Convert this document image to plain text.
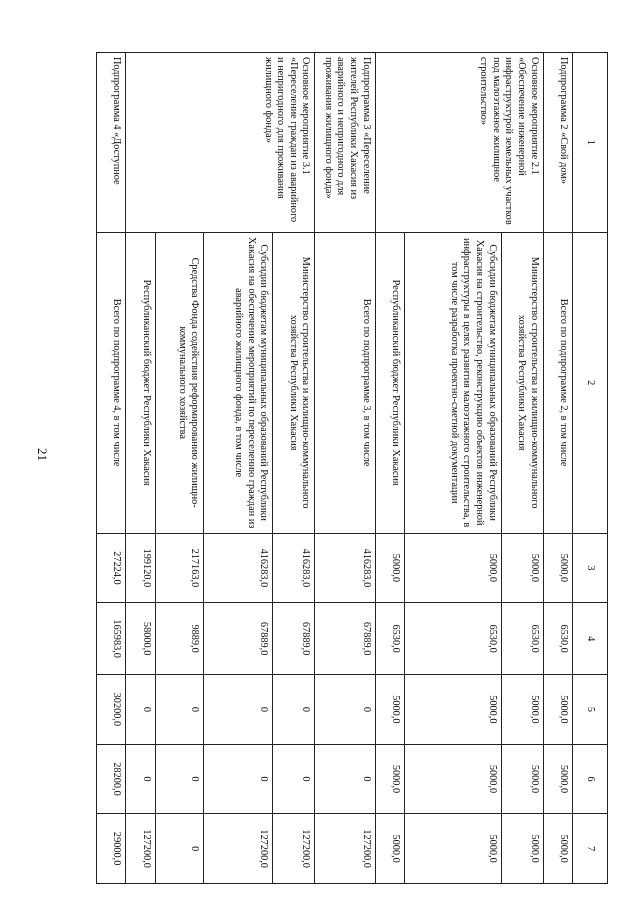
21
1	2	3	4	5	6	7
Подпрограмма 2 «Свой дом»	Всего по подпрограмме 2, в том числе	5000,0	6530,0	5000,0	5000,0	5000,0
Основное мероприятие 2.1 «Обеспечение инженерной инфраструктурой земельных участков под малоэтажное жилищное строительство»	Министерство строительства и жилищно-коммунального хозяйства Республики Хакасия	5000,0	6530,0	5000,0	5000,0	5000,0
	Субсидии бюджетам муниципальных образований Республики Хакасия на строительство, реконструкцию объектов инженерной инфраструктуры в целях развития малоэтажного строительства, в том числе разработка проектно-сметной документации	5000,0	6530,0	5000,0	5000,0	5000,0
	Республиканский бюджет Республики Хакасия	5000,0	6530,0	5000,0	5000,0	5000,0
Подпрограмма 3 «Переселение жителей Республики Хакасия из аварийного и непригодного для проживания жилищного фонда»	Всего по подпрограмме 3, в том числе	416283,0	67889,0	0	0	127200,0
Основное мероприятие 3.1 «Переселение граждан из аварийного и непригодного для проживания жилищного фонда»	Министерство строительства и жилищно-коммунального хозяйства Республики Хакасия	416283,0	67889,0	0	0	127200,0
	Субсидии бюджетам муниципальных образований Республики Хакасия на обеспечение мероприятий по переселению граждан из аварийного жилищного фонда, в том числе	416283,0	67889,0	0	0	127200,0
	Средства Фонда содействия реформированию жилищно-коммунального хозяйства	217163,0	9889,0	0	0	0
	Республиканский бюджет Республики Хакасия	199120,0	58000,0	0	0	127200,0
Подпрограмма 4 «Доступное	Всего по подпрограмме 4, в том числе	27224,0	165983,0	30200,0	28200,0	29000,0
